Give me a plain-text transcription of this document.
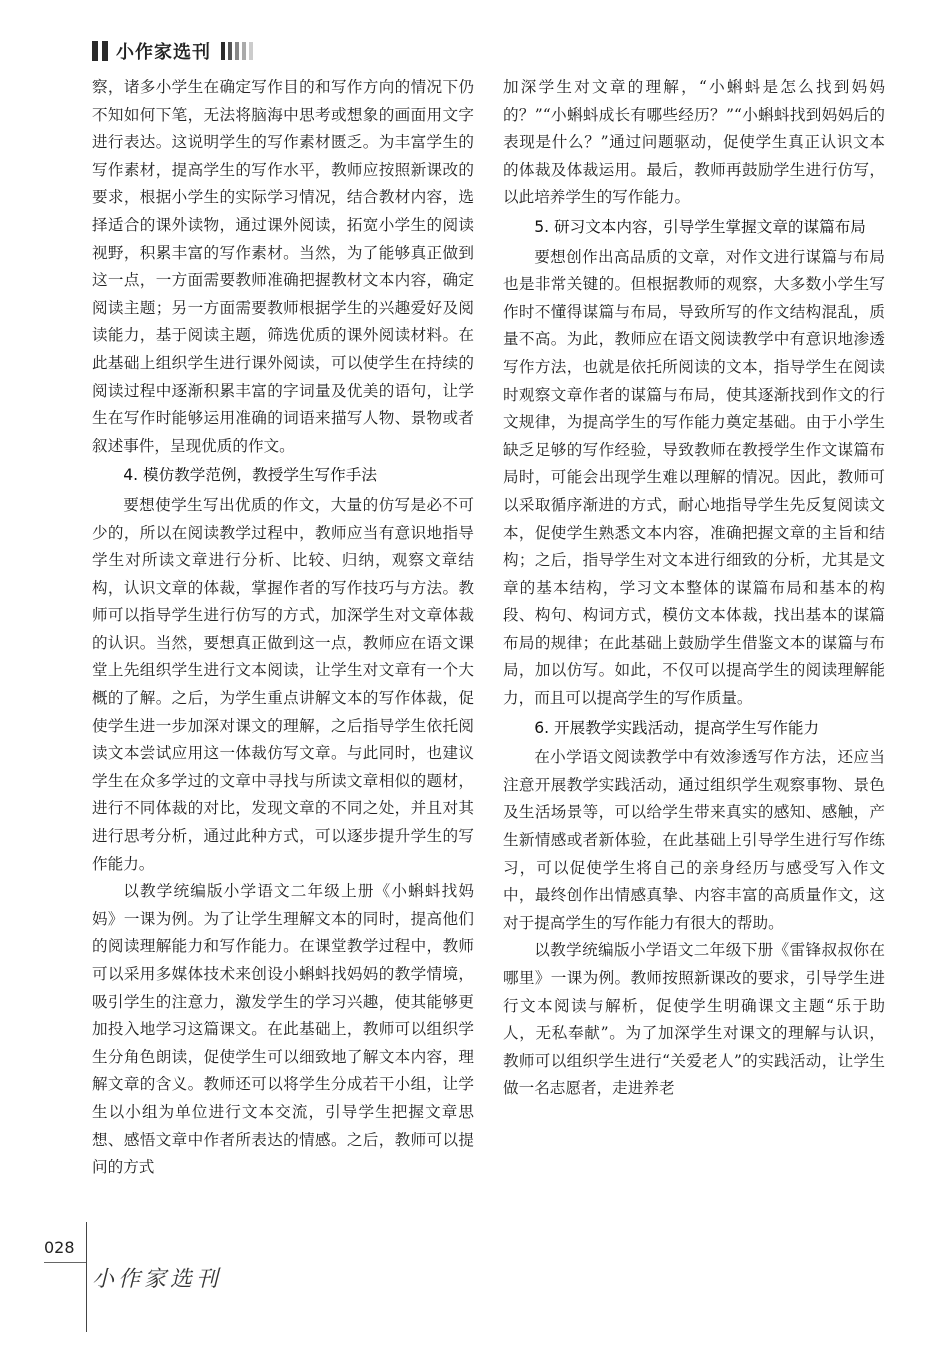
小作家选刊

察，诸多小学生在确定写作目的和写作方向的情况下仍不知如何下笔，无法将脑海中思考或想象的画面用文字进行表达。这说明学生的写作素材匮乏。为丰富学生的写作素材，提高学生的写作水平，教师应按照新课改的要求，根据小学生的实际学习情况，结合教材内容，选择适合的课外读物，通过课外阅读，拓宽小学生的阅读视野，积累丰富的写作素材。当然，为了能够真正做到这一点，一方面需要教师准确把握教材文本内容，确定阅读主题；另一方面需要教师根据学生的兴趣爱好及阅读能力，基于阅读主题，筛选优质的课外阅读材料。在此基础上组织学生进行课外阅读，可以使学生在持续的阅读过程中逐渐积累丰富的字词量及优美的语句，让学生在写作时能够运用准确的词语来描写人物、景物或者叙述事件，呈现优质的作文。

4. 模仿教学范例，教授学生写作手法

要想使学生写出优质的作文，大量的仿写是必不可少的，所以在阅读教学过程中，教师应当有意识地指导学生对所读文章进行分析、比较、归纳，观察文章结构，认识文章的体裁，掌握作者的写作技巧与方法。教师可以指导学生进行仿写的方式，加深学生对文章体裁的认识。当然，要想真正做到这一点，教师应在语文课堂上先组织学生进行文本阅读，让学生对文章有一个大概的了解。之后，为学生重点讲解文本的写作体裁，促使学生进一步加深对课文的理解，之后指导学生依托阅读文本尝试应用这一体裁仿写文章。与此同时，也建议学生在众多学过的文章中寻找与所读文章相似的题材，进行不同体裁的对比，发现文章的不同之处，并且对其进行思考分析，通过此种方式，可以逐步提升学生的写作能力。

以教学统编版小学语文二年级上册《小蝌蚪找妈妈》一课为例。为了让学生理解文本的同时，提高他们的阅读理解能力和写作能力。在课堂教学过程中，教师可以采用多媒体技术来创设小蝌蚪找妈妈的教学情境，吸引学生的注意力，激发学生的学习兴趣，使其能够更加投入地学习这篇课文。在此基础上，教师可以组织学生分角色朗读，促使学生可以细致地了解文本内容，理解文章的含义。教师还可以将学生分成若干小组，让学生以小组为单位进行文本交流，引导学生把握文章思想、感悟文章中作者所表达的情感。之后，教师可以提问的方式

加深学生对文章的理解，“小蝌蚪是怎么找到妈妈的？”“小蝌蚪成长有哪些经历？”“小蝌蚪找到妈妈后的表现是什么？”通过问题驱动，促使学生真正认识文本的体裁及体裁运用。最后，教师再鼓励学生进行仿写，以此培养学生的写作能力。

5. 研习文本内容，引导学生掌握文章的谋篇布局

要想创作出高品质的文章，对作文进行谋篇与布局也是非常关键的。但根据教师的观察，大多数小学生写作时不懂得谋篇与布局，导致所写的作文结构混乱，质量不高。为此，教师应在语文阅读教学中有意识地渗透写作方法，也就是依托所阅读的文本，指导学生在阅读时观察文章作者的谋篇与布局，使其逐渐找到作文的行文规律，为提高学生的写作能力奠定基础。由于小学生缺乏足够的写作经验，导致教师在教授学生作文谋篇布局时，可能会出现学生难以理解的情况。因此，教师可以采取循序渐进的方式，耐心地指导学生先反复阅读文本，促使学生熟悉文本内容，准确把握文章的主旨和结构；之后，指导学生对文本进行细致的分析，尤其是文章的基本结构，学习文本整体的谋篇布局和基本的构段、构句、构词方式，模仿文本体裁，找出基本的谋篇布局的规律；在此基础上鼓励学生借鉴文本的谋篇与布局，加以仿写。如此，不仅可以提高学生的阅读理解能力，而且可以提高学生的写作质量。

6. 开展教学实践活动，提高学生写作能力

在小学语文阅读教学中有效渗透写作方法，还应当注意开展教学实践活动，通过组织学生观察事物、景色及生活场景等，可以给学生带来真实的感知、感触，产生新情感或者新体验，在此基础上引导学生进行写作练习，可以促使学生将自己的亲身经历与感受写入作文中，最终创作出情感真挚、内容丰富的高质量作文，这对于提高学生的写作能力有很大的帮助。

以教学统编版小学语文二年级下册《雷锋叔叔你在哪里》一课为例。教师按照新课改的要求，引导学生进行文本阅读与解析，促使学生明确课文主题“乐于助人，无私奉献”。为了加深学生对课文的理解与认识，教师可以组织学生进行“关爱老人”的实践活动，让学生做一名志愿者，走进养老

028
小作家选刊
